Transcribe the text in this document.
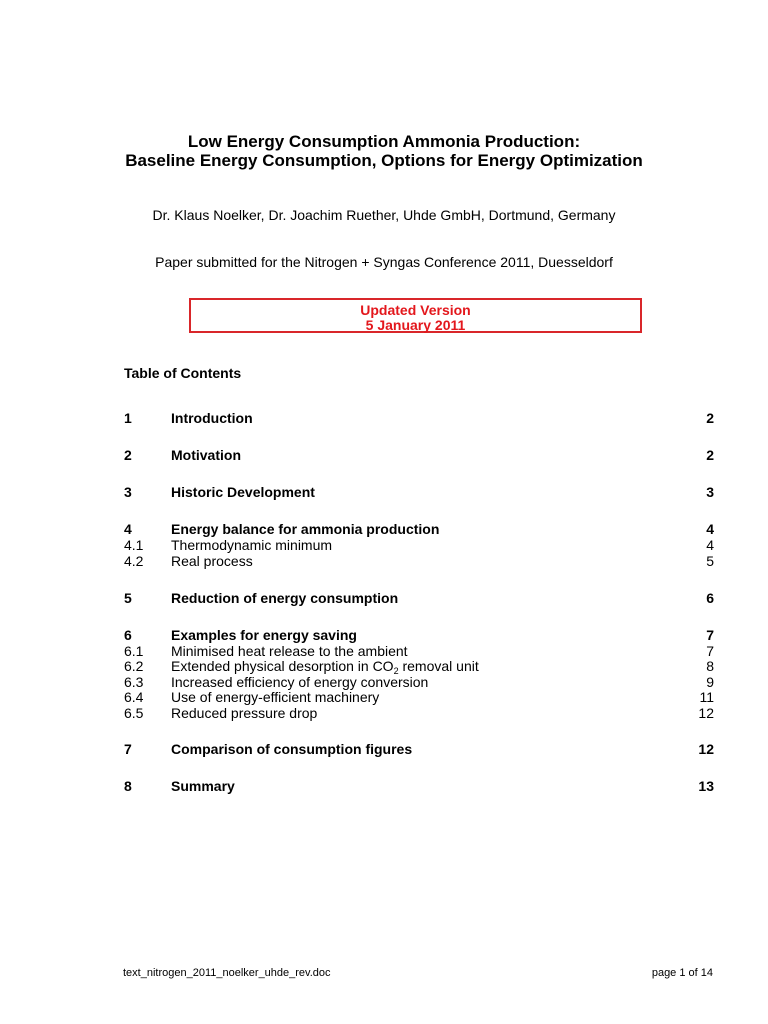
Low Energy Consumption Ammonia Production:
Baseline Energy Consumption, Options for Energy Optimization
Dr. Klaus Noelker, Dr. Joachim Ruether, Uhde GmbH, Dortmund, Germany
Paper submitted for the Nitrogen + Syngas Conference 2011, Duesseldorf
Updated Version
5 January 2011
Table of Contents
1	Introduction	2
2	Motivation	2
3	Historic Development	3
4	Energy balance for ammonia production	4
4.1 Thermodynamic minimum	4
4.2 Real process	5
5	Reduction of energy consumption	6
6	Examples for energy saving	7
6.1 Minimised heat release to the ambient	7
6.2 Extended physical desorption in $CO_2$ removal unit	8
6.3 Increased efficiency of energy conversion	9
6.4 Use of energy-efficient machinery	11
6.5 Reduced pressure drop	12
7	Comparison of consumption figures	12
8	Summary	13
text_nitrogen_2011_noelker_uhde_rev.doc	page 1 of 14
